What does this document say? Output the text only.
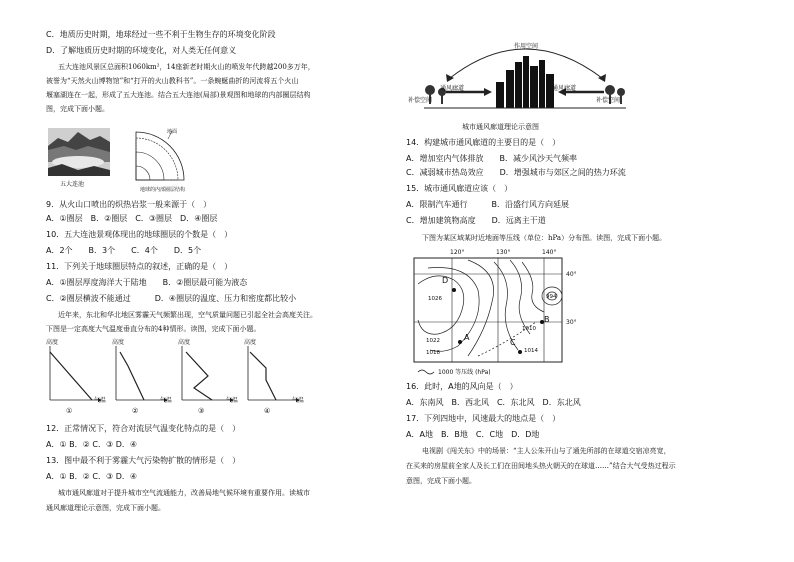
C．地质历史时期，地球经过一些不利于生物生存的环境变化阶段
D．了解地质历史时期的环境变化，对人类无任何意义
五大连池风景区总面积1060km²，14座新老时期火山的喷发年代跨越200多万年，
被誉为“天然火山博物馆”和“打开的火山教科书”。一条蜿蜒曲折的河流将五个火山
堰塞湖连在一起，形成了五大连池。结合五大连池(局部)景观图和地球的内部圈层结构
图，完成下面小题。
五大连池
地面
地球的内部圈层结构
9．从火山口喷出的炽热岩浆一般来源于（　）
A．①圈层　B．②圈层　C．③圈层　D．④圈层
10．五大连池景观体现出的地球圈层的个数是（　）
A．2个　　B．3个　　C．4个　　D．5个
11．下列关于地球圈层特点的叙述，正确的是（　）
A．①圈层厚度海洋大于陆地　　B．②圈层最可能为液态
C．②圈层横波不能通过　　　D．④圈层的温度、压力和密度都比较小
近年来，东北和华北地区雾霾天气频繁出现，空气质量问题已引起全社会高度关注。
下图是一定高度大气温度垂直分布的4种情形。读图，完成下面小题。
高度
气温
①
高度
气温
②
高度
气温
③
高度
气温
④
12．正常情况下，符合对流层气温变化特点的是（　）
A．① B．② C．③ D．④
13．图中最不利于雾霾大气污染物扩散的情形是（　）
A．① B．② C．③ D．④
城市通风廊道对于提升城市空气流通能力，改善局地气候环境有重要作用。读城市
通风廊道理论示意图，完成下面小题。
作用空间
通风廊道	通风廊道
补偿空间	补偿空间
城市通风廊道理论示意图
14．构建城市通风廊道的主要目的是（　）
A．增加室内气体排放　　B．减少风沙天气频率
C．减弱城市热岛效应　　D．增强城市与郊区之间的热力环流
15．城市通风廊道应该（　）
A．限制汽车通行　　　B．沿盛行风方向延展
C．增加建筑物高度　　D．远离主干道
下图为某区域某时近地面等压线（单位：hPa）分布图。读图，完成下面小题。
120°	130°	140°
40°
30°
A
B
C
D
1026
1022
1018
1010
1014
994
1000 等压线 (hPa)
16．此时，A地的风向是（　）
A．东南风　B．西北风　C．东北风　D．东北风
17．下列四地中，风速最大的地点是（　）
A．A地　B．B地　C．C地　D．D地
电视剧《闯关东》中的场景：“主人公朱开山与了通先所部的在球道交宿凉亮宽，
在买来的房屋前全家人及长工们在田间地头热火朝天的在球道……”结合大气受热过程示
意图，完成下面小题。
